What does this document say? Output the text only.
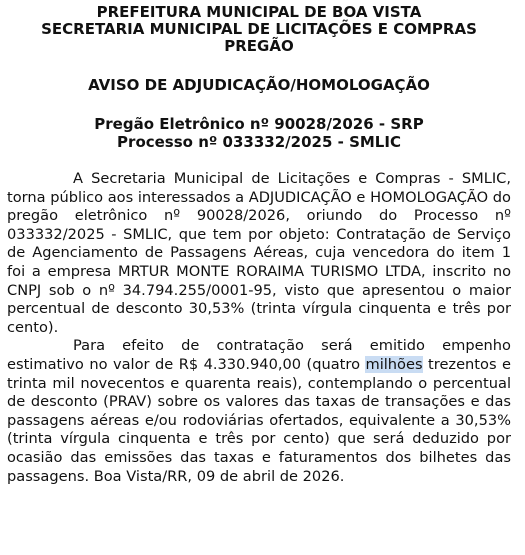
PREFEITURA MUNICIPAL DE BOA VISTA
SECRETARIA MUNICIPAL DE LICITAÇÕES E COMPRAS
PREGÃO
AVISO DE ADJUDICAÇÃO/HOMOLOGAÇÃO
Pregão Eletrônico nº 90028/2026 - SRP
Processo nº 033332/2025 - SMLIC

A Secretaria Municipal de Licitações e Compras - SMLIC, torna público aos interessados a ADJUDICAÇÃO e HOMOLOGAÇÃO do pregão eletrônico nº 90028/2026, oriundo do Processo nº 033332/2025 - SMLIC, que tem por objeto: Contratação de Serviço de Agenciamento de Passagens Aéreas, cuja vencedora do item 1 foi a empresa MRTUR MONTE RORAIMA TURISMO LTDA, inscrito no CNPJ sob o nº 34.794.255/0001-95, visto que apresentou o maior percentual de desconto 30,53% (trinta vírgula cinquenta e três por cento).

Para efeito de contratação será emitido empenho estimativo no valor de R$ 4.330.940,00 (quatro milhões trezentos e trinta mil novecentos e quarenta reais), contemplando o percentual de desconto (PRAV) sobre os valores das taxas de transações e das passagens aéreas e/ou rodoviárias ofertados, equivalente a 30,53% (trinta vírgula cinquenta e três por cento) que será deduzido por ocasião das emissões das taxas e faturamentos dos bilhetes das passagens. Boa Vista/RR, 09 de abril de 2026.
